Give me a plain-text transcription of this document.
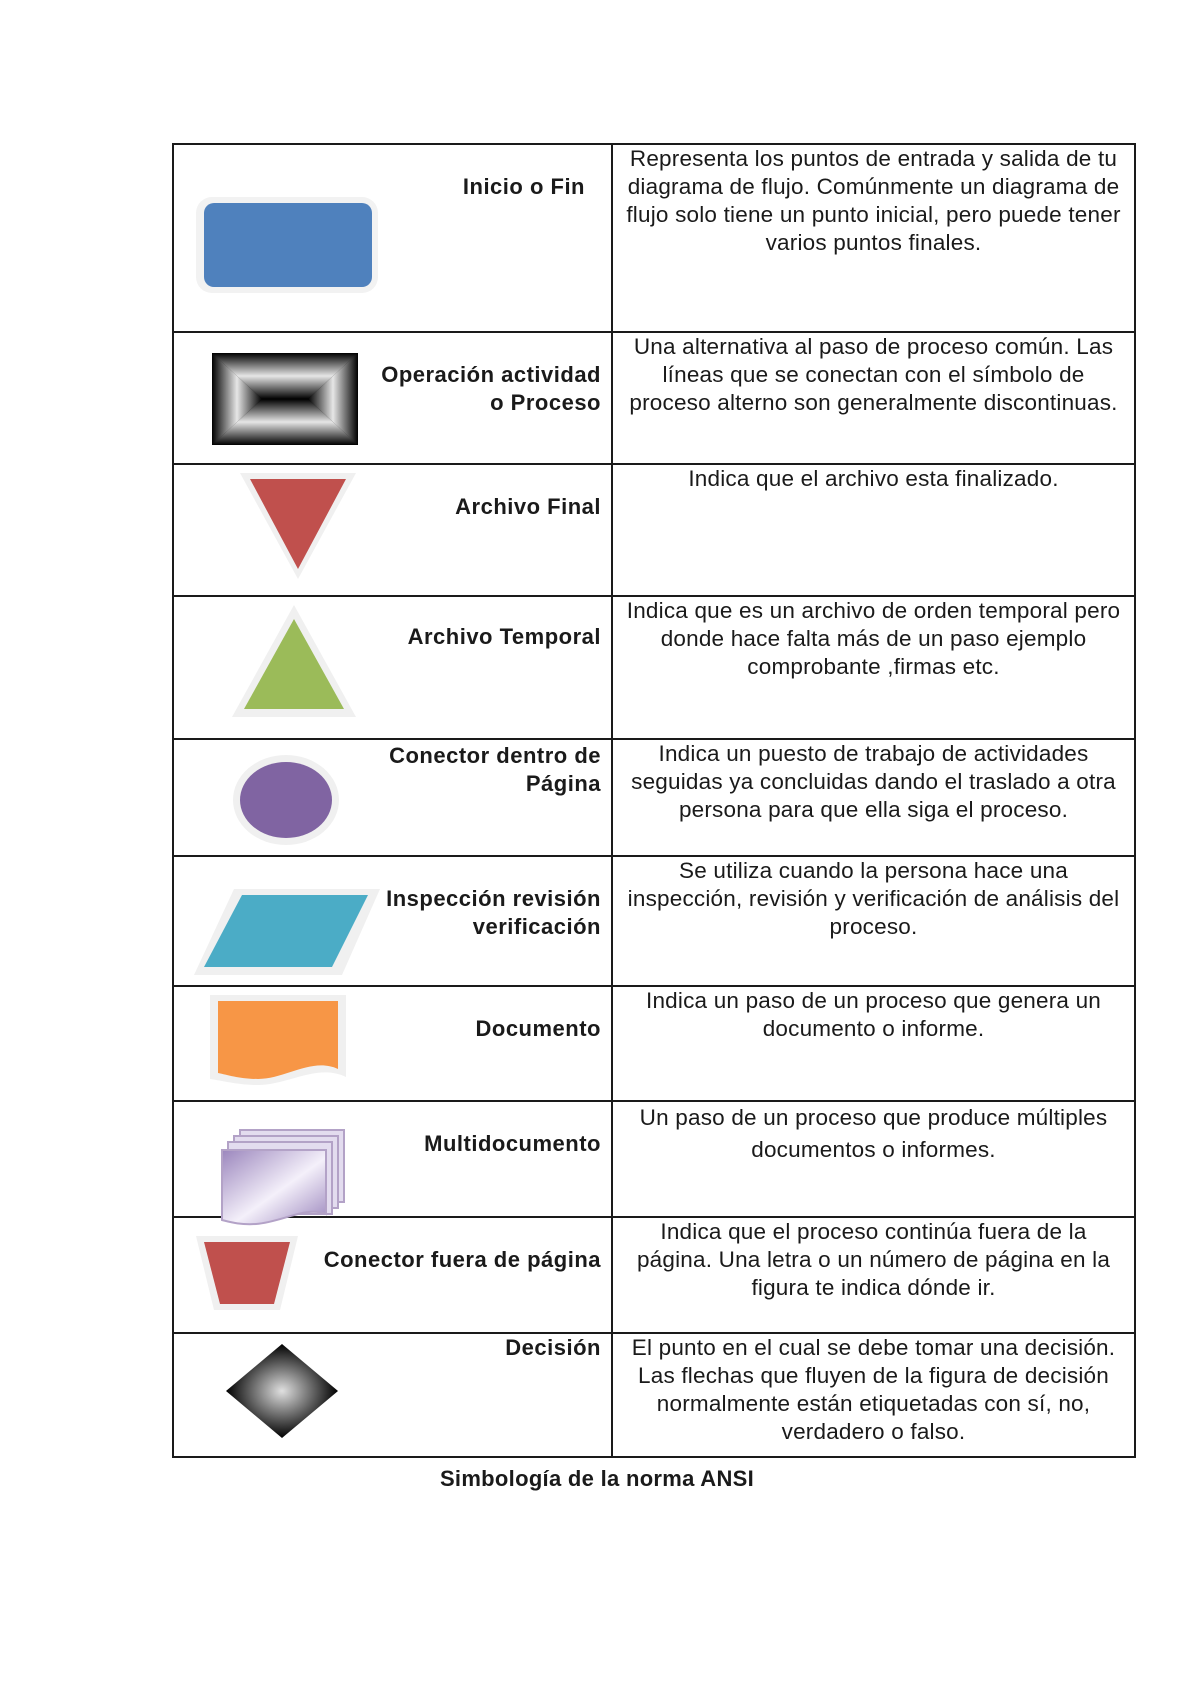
Inicio o Fin	Representa los puntos de entrada y salida de tu diagrama de flujo. Comúnmente un diagrama de flujo solo tiene un punto inicial, pero puede tener varios puntos finales.

Operación actividad o Proceso	Una alternativa al paso de proceso común. Las líneas que se conectan con el símbolo de proceso alterno son generalmente discontinuas.

Archivo Final	Indica que el archivo esta finalizado.

Archivo Temporal	Indica que es un archivo de orden temporal pero donde hace falta más de un paso ejemplo comprobante ,firmas etc.

Conector dentro de Página	Indica un puesto de trabajo de actividades seguidas ya concluidas dando el traslado a otra persona para que ella siga el proceso.

Inspección revisión verificación	Se utiliza cuando la persona hace una inspección, revisión y verificación de análisis del proceso.

Documento	Indica un paso de un proceso que genera un documento o informe.

Multidocumento	Un paso de un proceso que produce múltiples documentos o informes.

Conector fuera de página	Indica que el proceso continúa fuera de la página. Una letra o un número de página en la figura te indica dónde ir.

Decisión	El punto en el cual se debe tomar una decisión. Las flechas que fluyen de la figura de decisión normalmente están etiquetadas con sí, no, verdadero o falso.
Simbología de la norma ANSI
